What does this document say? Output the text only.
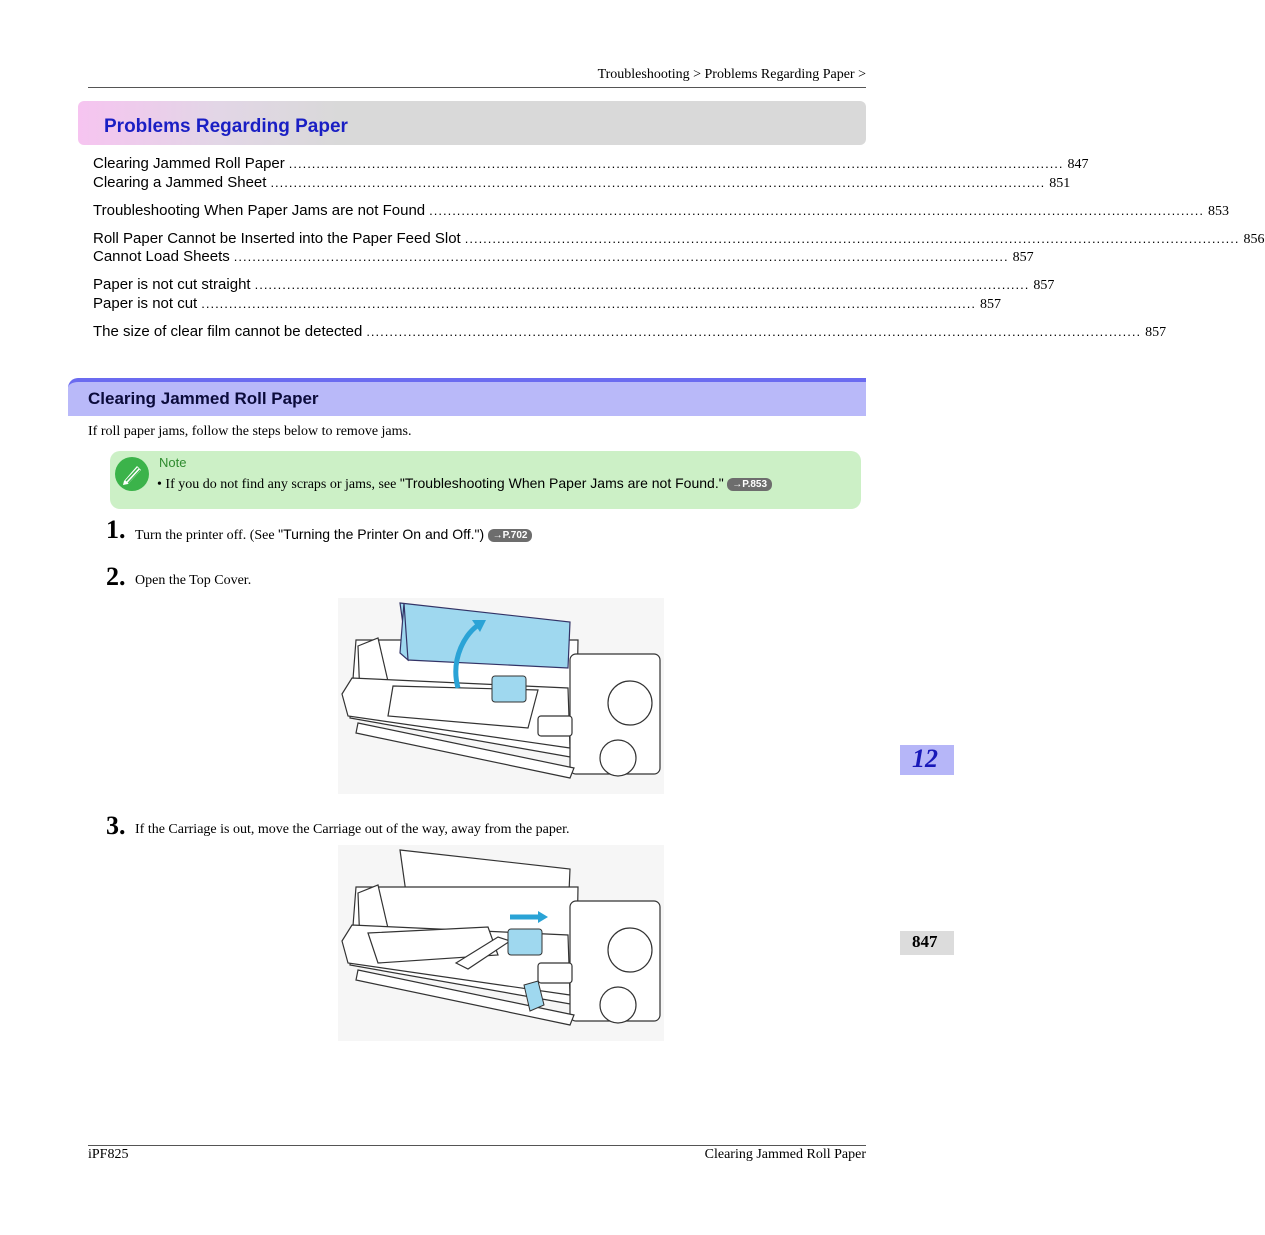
Troubleshooting > Problems Regarding Paper >
Problems Regarding Paper
Clearing Jammed Roll Paper ........................................................................................................................................................................ 847
Clearing a Jammed Sheet ........................................................................................................................................................................ 851
Troubleshooting When Paper Jams are not Found ........................................................................................................................................................................ 853
Roll Paper Cannot be Inserted into the Paper Feed Slot ........................................................................................................................................................................ 856
Cannot Load Sheets ........................................................................................................................................................................ 857
Paper is not cut straight ........................................................................................................................................................................ 857
Paper is not cut ........................................................................................................................................................................ 857
The size of clear film cannot be detected ........................................................................................................................................................................ 857
Clearing Jammed Roll Paper
If roll paper jams, follow the steps below to remove jams.
Note
• If you do not find any scraps or jams, see "Troubleshooting When Paper Jams are not Found." →P.853
1. Turn the printer off. (See "Turning the Printer On and Off.") →P.702
2. Open the Top Cover.
3. If the Carriage is out, move the Carriage out of the way, away from the paper.
12
847
iPF825	Clearing Jammed Roll Paper
